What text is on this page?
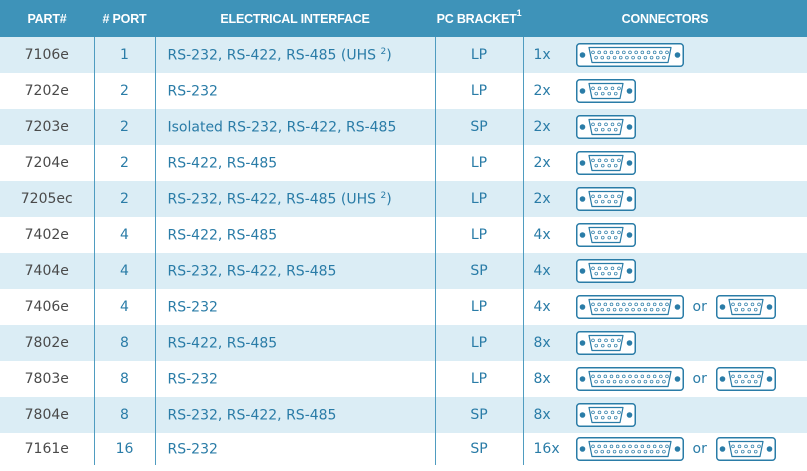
PART#	# PORT	ELECTRICAL INTERFACE	PC BRACKET$^1$	CONNECTORS
7106e	1	RS-232, RS-422, RS-485 (UHS $^2$)	LP	1x
7202e	2	RS-232	LP	2x
7203e	2	Isolated RS-232, RS-422, RS-485	SP	2x
7204e	2	RS-422, RS-485	LP	2x
7205ec	2	RS-232, RS-422, RS-485 (UHS $^2$)	LP	2x
7402e	4	RS-422, RS-485	LP	4x
7404e	4	RS-232, RS-422, RS-485	SP	4x
7406e	4	RS-232	LP	4x or
7802e	8	RS-422, RS-485	LP	8x
7803e	8	RS-232	LP	8x or
7804e	8	RS-232, RS-422, RS-485	SP	8x
7161e	16	RS-232	SP	16x or
